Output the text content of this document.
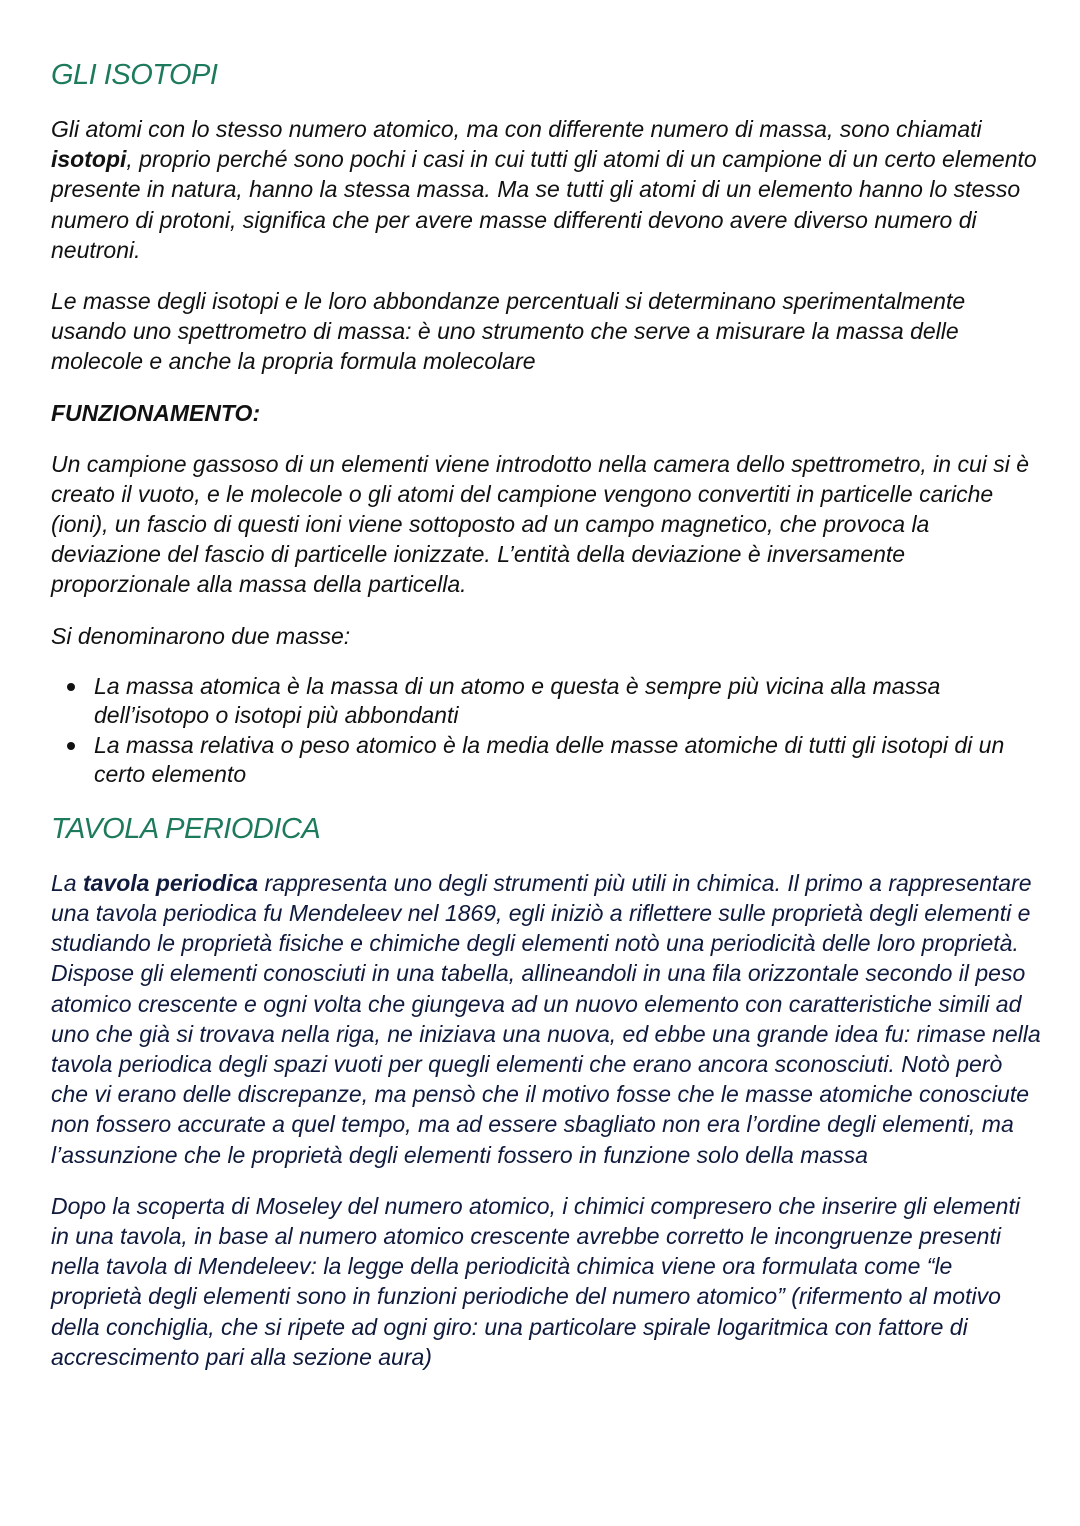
GLI ISOTOPI

Gli atomi con lo stesso numero atomico, ma con differente numero di massa, sono chiamati isotopi, proprio perché sono pochi i casi in cui tutti gli atomi di un campione di un certo elemento presente in natura, hanno la stessa massa. Ma se tutti gli atomi di un elemento hanno lo stesso numero di protoni, significa che per avere masse differenti devono avere diverso numero di neutroni.

Le masse degli isotopi e le loro abbondanze percentuali si determinano sperimentalmente usando uno spettrometro di massa: è uno strumento che serve a misurare la massa delle molecole e anche la propria formula molecolare

FUNZIONAMENTO:

Un campione gassoso di un elementi viene introdotto nella camera dello spettrometro, in cui si è creato il vuoto, e le molecole o gli atomi del campione vengono convertiti in particelle cariche (ioni), un fascio di questi ioni viene sottoposto ad un campo magnetico, che provoca la deviazione del fascio di particelle ionizzate. L’entità della deviazione è inversamente proporzionale alla massa della particella.

Si denominarono due masse:

La massa atomica è la massa di un atomo e questa è sempre più vicina alla massa dell’isotopo o isotopi più abbondanti
La massa relativa o peso atomico è la media delle masse atomiche di tutti gli isotopi di un certo elemento
TAVOLA PERIODICA

La tavola periodica rappresenta uno degli strumenti più utili in chimica. Il primo a rappresentare una tavola periodica fu Mendeleev nel 1869, egli iniziò a riflettere sulle proprietà degli elementi e studiando le proprietà fisiche e chimiche degli elementi notò una periodicità delle loro proprietà. Dispose gli elementi conosciuti in una tabella, allineandoli in una fila orizzontale secondo il peso atomico crescente e ogni volta che giungeva ad un nuovo elemento con caratteristiche simili ad uno che già si trovava nella riga, ne iniziava una nuova, ed ebbe una grande idea fu: rimase nella tavola periodica degli spazi vuoti per quegli elementi che erano ancora sconosciuti. Notò però che vi erano delle discrepanze, ma pensò che il motivo fosse che le masse atomiche conosciute non fossero accurate a quel tempo, ma ad essere sbagliato non era l’ordine degli elementi, ma l’assunzione che le proprietà degli elementi fossero in funzione solo della massa

Dopo la scoperta di Moseley del numero atomico, i chimici compresero che inserire gli elementi in una tavola, in base al numero atomico crescente avrebbe corretto le incongruenze presenti nella tavola di Mendeleev: la legge della periodicità chimica viene ora formulata come “le proprietà degli elementi sono in funzioni periodiche del numero atomico” (rifermento al motivo della conchiglia, che si ripete ad ogni giro: una particolare spirale logaritmica con fattore di accrescimento pari alla sezione aura)
